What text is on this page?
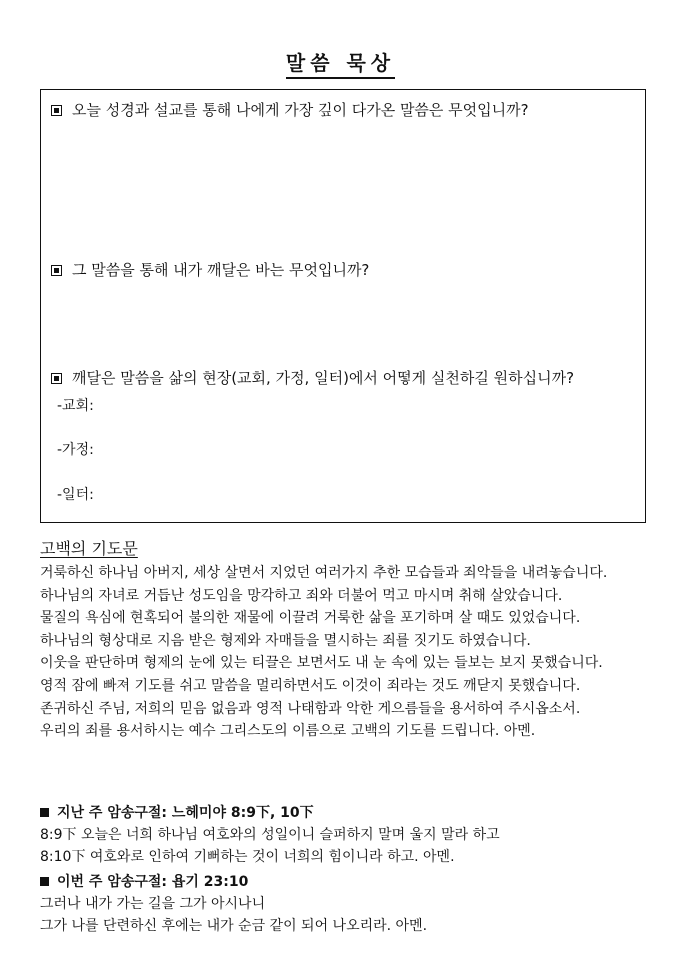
말씀 묵상
오늘 성경과 설교를 통해 나에게 가장 깊이 다가온 말씀은 무엇입니까?
그 말씀을 통해 내가 깨달은 바는 무엇입니까?
깨달은 말씀을 삶의 현장(교회, 가정, 일터)에서 어떻게 실천하길 원하십니까?
-교회:
-가정:
-일터:
고백의 기도문
거룩하신 하나님 아버지, 세상 살면서 지었던 여러가지 추한 모습들과 죄악들을 내려놓습니다.
하나님의 자녀로 거듭난 성도임을 망각하고 죄와 더불어 먹고 마시며 취해 살았습니다.
물질의 욕심에 현혹되어 불의한 재물에 이끌려 거룩한 삶을 포기하며 살 때도 있었습니다.
하나님의 형상대로 지음 받은 형제와 자매들을 멸시하는 죄를 짓기도 하였습니다.
이웃을 판단하며 형제의 눈에 있는 티끌은 보면서도 내 눈 속에 있는 들보는 보지 못했습니다.
영적 잠에 빠져 기도를 쉬고 말씀을 멀리하면서도 이것이 죄라는 것도 깨닫지 못했습니다.
존귀하신 주님, 저희의 믿음 없음과 영적 나태함과 악한 게으름들을 용서하여 주시옵소서.
우리의 죄를 용서하시는 예수 그리스도의 이름으로 고백의 기도를 드립니다. 아멘.
지난 주 암송구절: 느헤미야 8:9下, 10下
8:9下 오늘은 너희 하나님 여호와의 성일이니 슬퍼하지 말며 울지 말라 하고
8:10下 여호와로 인하여 기뻐하는 것이 너희의 힘이니라 하고. 아멘.
이번 주 암송구절: 욥기 23:10
그러나 내가 가는 길을 그가 아시나니
그가 나를 단련하신 후에는 내가 순금 같이 되어 나오리라. 아멘.
